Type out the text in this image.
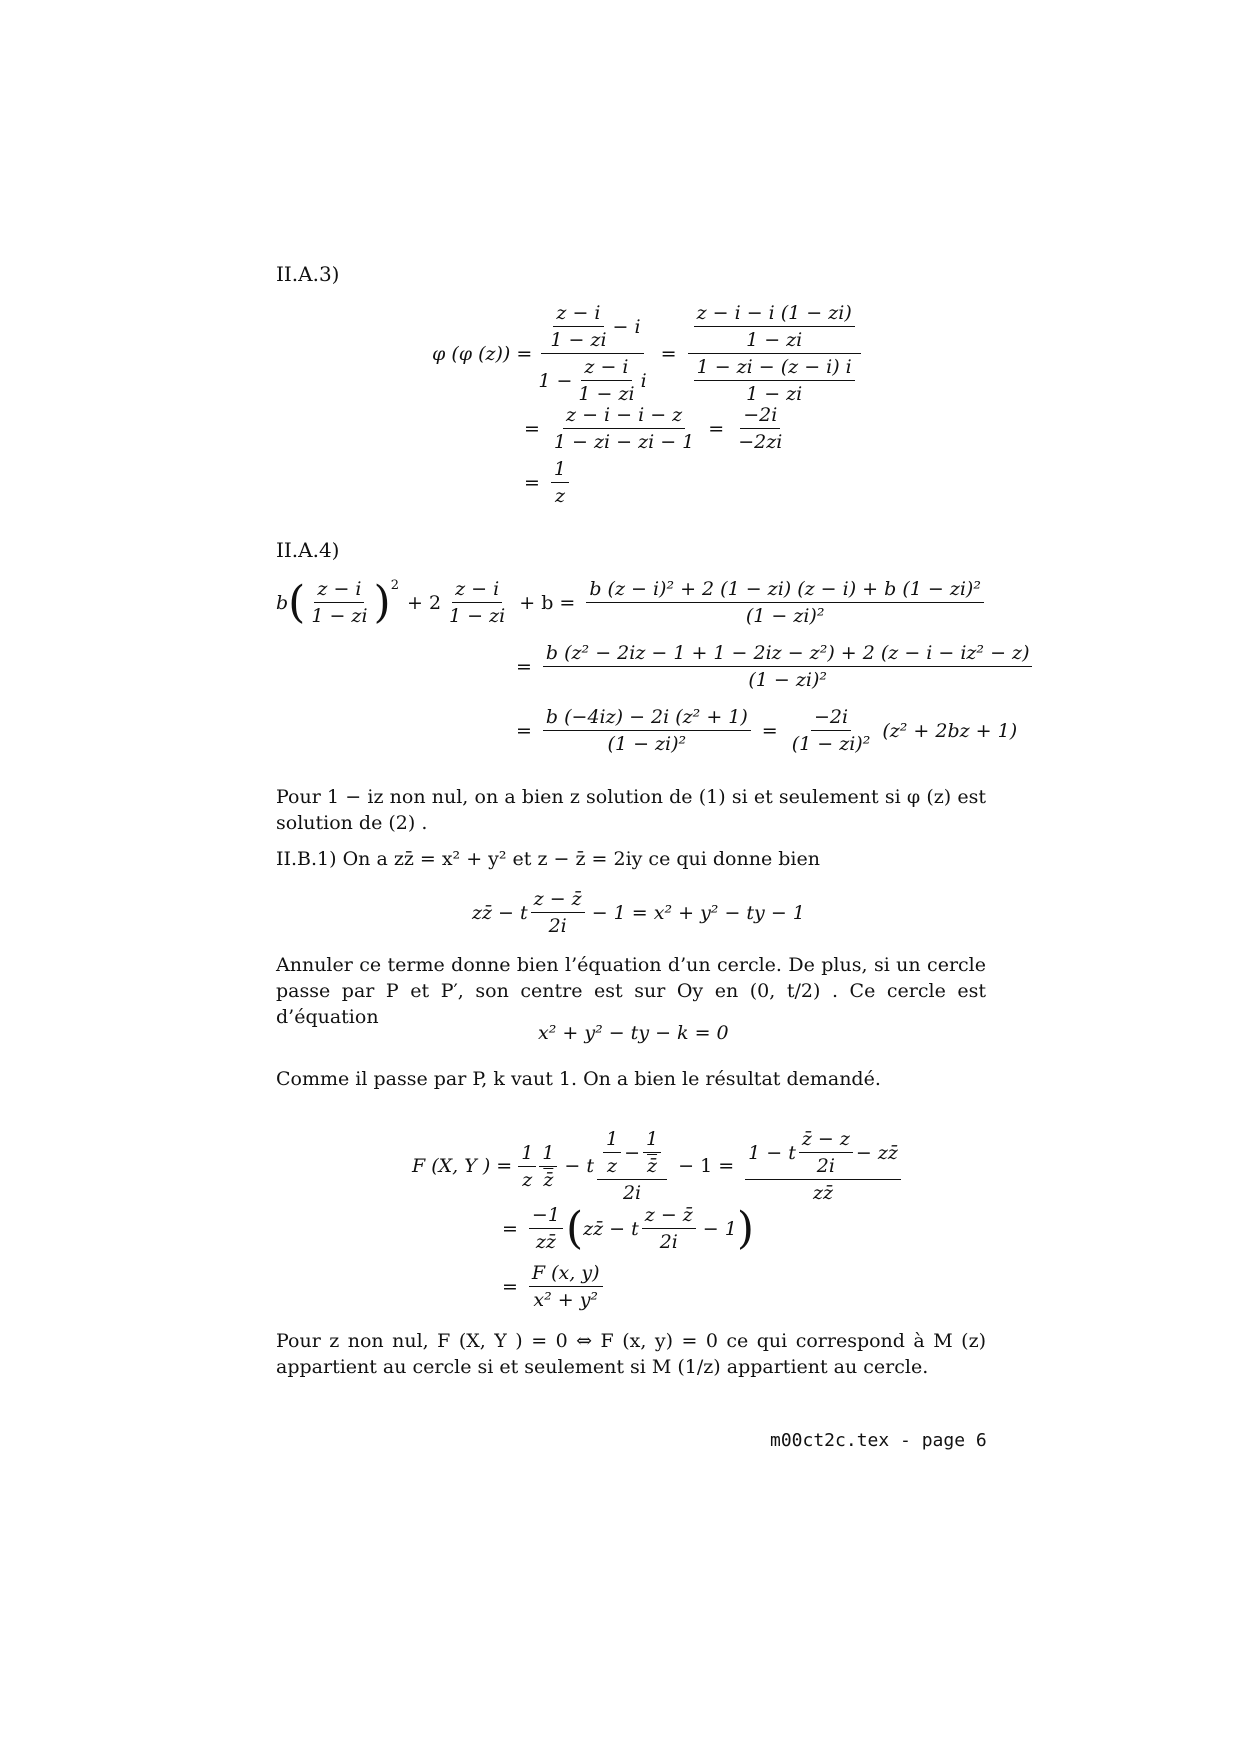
II.A.3)
φ (φ $(z)) = \frac{\frac{z - i}{1 - zi} - i}{1 - \frac{z - i}{1 - zi} i} = \frac{\frac{z - i - i (1 - zi)}{1 - zi}}{\frac{1 - zi - (z - i) i}{1 - zi}}$
= $\frac{z - i - i - z}{1 - zi - zi - 1} = \frac{-2i}{-2zi}$
= $\frac{1}{z}$
II.A.4)
b ( $\frac{z - i}{1 - zi}$ ) 2
+ $2 \frac{z - i}{1 - zi} + b = \frac{\text{b (z − i)² + 2 (1 − zi) (z − i) + b (1 − zi)²}}{\text{(1 − zi)²}}$
= $\frac{\text{b (z² − 2iz − 1 + 1 − 2iz − z²) + 2 (z − i − iz² − z)}}{\text{(1 − zi)²}}$
= $\frac{\text{b (−4iz) − 2i (z² + 1)}}{\text{(1 − zi)²}} = \frac{-2i}{\text{(1 − zi)²}} (z^2 + 2bz + 1)$
Pour 1 − iz non nul, on a bien z solution de (1) si et seulement si φ (z) est solution de (2) .
II.B.1) On a zz̄ = x² + y² et z − z̄ = 2iy ce qui donne bien
zz̄ − t $\frac{z - z̄}{2i} - 1 = x^2 + y^2$ − ty − 1
Annuler ce terme donne bien l’équation d’un cercle. De plus, si un cercle passe par P et P′, son centre est sur Oy en (0, t/2) . Ce cercle est d’équation
x² + y² − ty − k = 0
Comme il passe par P, k vaut 1. On a bien le résultat demandé.
F (X, Y ) = $\frac{1}{z} \frac{1}{z̄} - t \frac{\frac{1}{z} - \frac{1}{z̄}}{2i} - 1 = \frac{1 - t \frac{z̄ - z}{2i} - zz̄}{zz̄}$
= $\frac{-1}{zz̄}$ ( zz̄ − t $\frac{z - z̄}{2i} - 1$ )
= $\frac{F (x, y)}{\text{x² + y²}}$
Pour z non nul, F (X, Y ) = 0 ⇔ F (x, y) = 0 ce qui correspond à M (z) appartient au cercle si et seulement si M (1/z) appartient au cercle.
m00ct2c.tex - page 6
